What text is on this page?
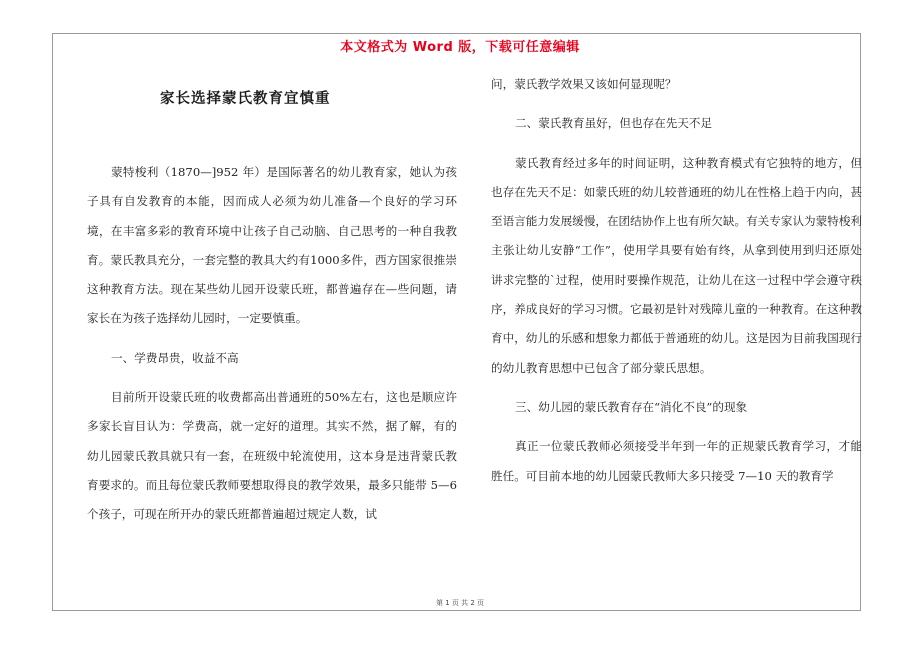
本文格式为 Word 版，下载可任意编辑
家长选择蒙氏教育宜慎重

蒙特梭利（1870—]952 年）是国际著名的幼儿教育家，她认为孩子具有自发教育的本能，因而成人必须为幼儿准备—个良好的学习环境，在丰富多彩的教育环境中让孩子自己动脑、自己思考的一种自我教育。蒙氏教具充分，一套完整的教具大约有1000多件，西方国家很推崇这种教育方法。现在某些幼儿园开设蒙氏班，都普遍存在—些问题，请家长在为孩子选择幼儿园时，一定要慎重。

一、学费昂贵，收益不高

目前所开设蒙氏班的收费都高出普通班的50%左右，这也是顺应许多家长盲目认为：学费高，就一定好的道理。其实不然，据了解，有的幼儿园蒙氏教具就只有一套，在班级中轮流使用，这本身是违背蒙氏教育要求的。而且每位蒙氏教师要想取得良的教学效果，最多只能带 5—6 个孩子，可现在所开办的蒙氏班都普遍超过规定人数，试

问，蒙氏教学效果又该如何显现呢？

二、蒙氏教育虽好，但也存在先天不足

蒙氏教育经过多年的时间证明，这种教育模式有它独特的地方，但也存在先天不足：如蒙氏班的幼儿较普通班的幼儿在性格上趋于内向，甚至语言能力发展缓慢，在团结协作上也有所欠缺。有关专家认为蒙特梭利主张让幼儿安静“工作”，使用学具要有始有终，从拿到使用到归还原处讲求完整的`过程，使用时要操作规范，让幼儿在这一过程中学会遵守秩序，养成良好的学习习惯。它最初是针对残障儿童的一种教育。在这种教育中，幼儿的乐感和想象力都低于普通班的幼儿。这是因为目前我国现行的幼儿教育思想中已包含了部分蒙氏思想。

三、幼儿园的蒙氏教育存在“消化不良”的现象

真正一位蒙氏教师必须接受半年到一年的正规蒙氏教育学习，才能胜任。可目前本地的幼儿园蒙氏教师大多只接受 7—10 天的教育学

第 1 页 共 2 页
